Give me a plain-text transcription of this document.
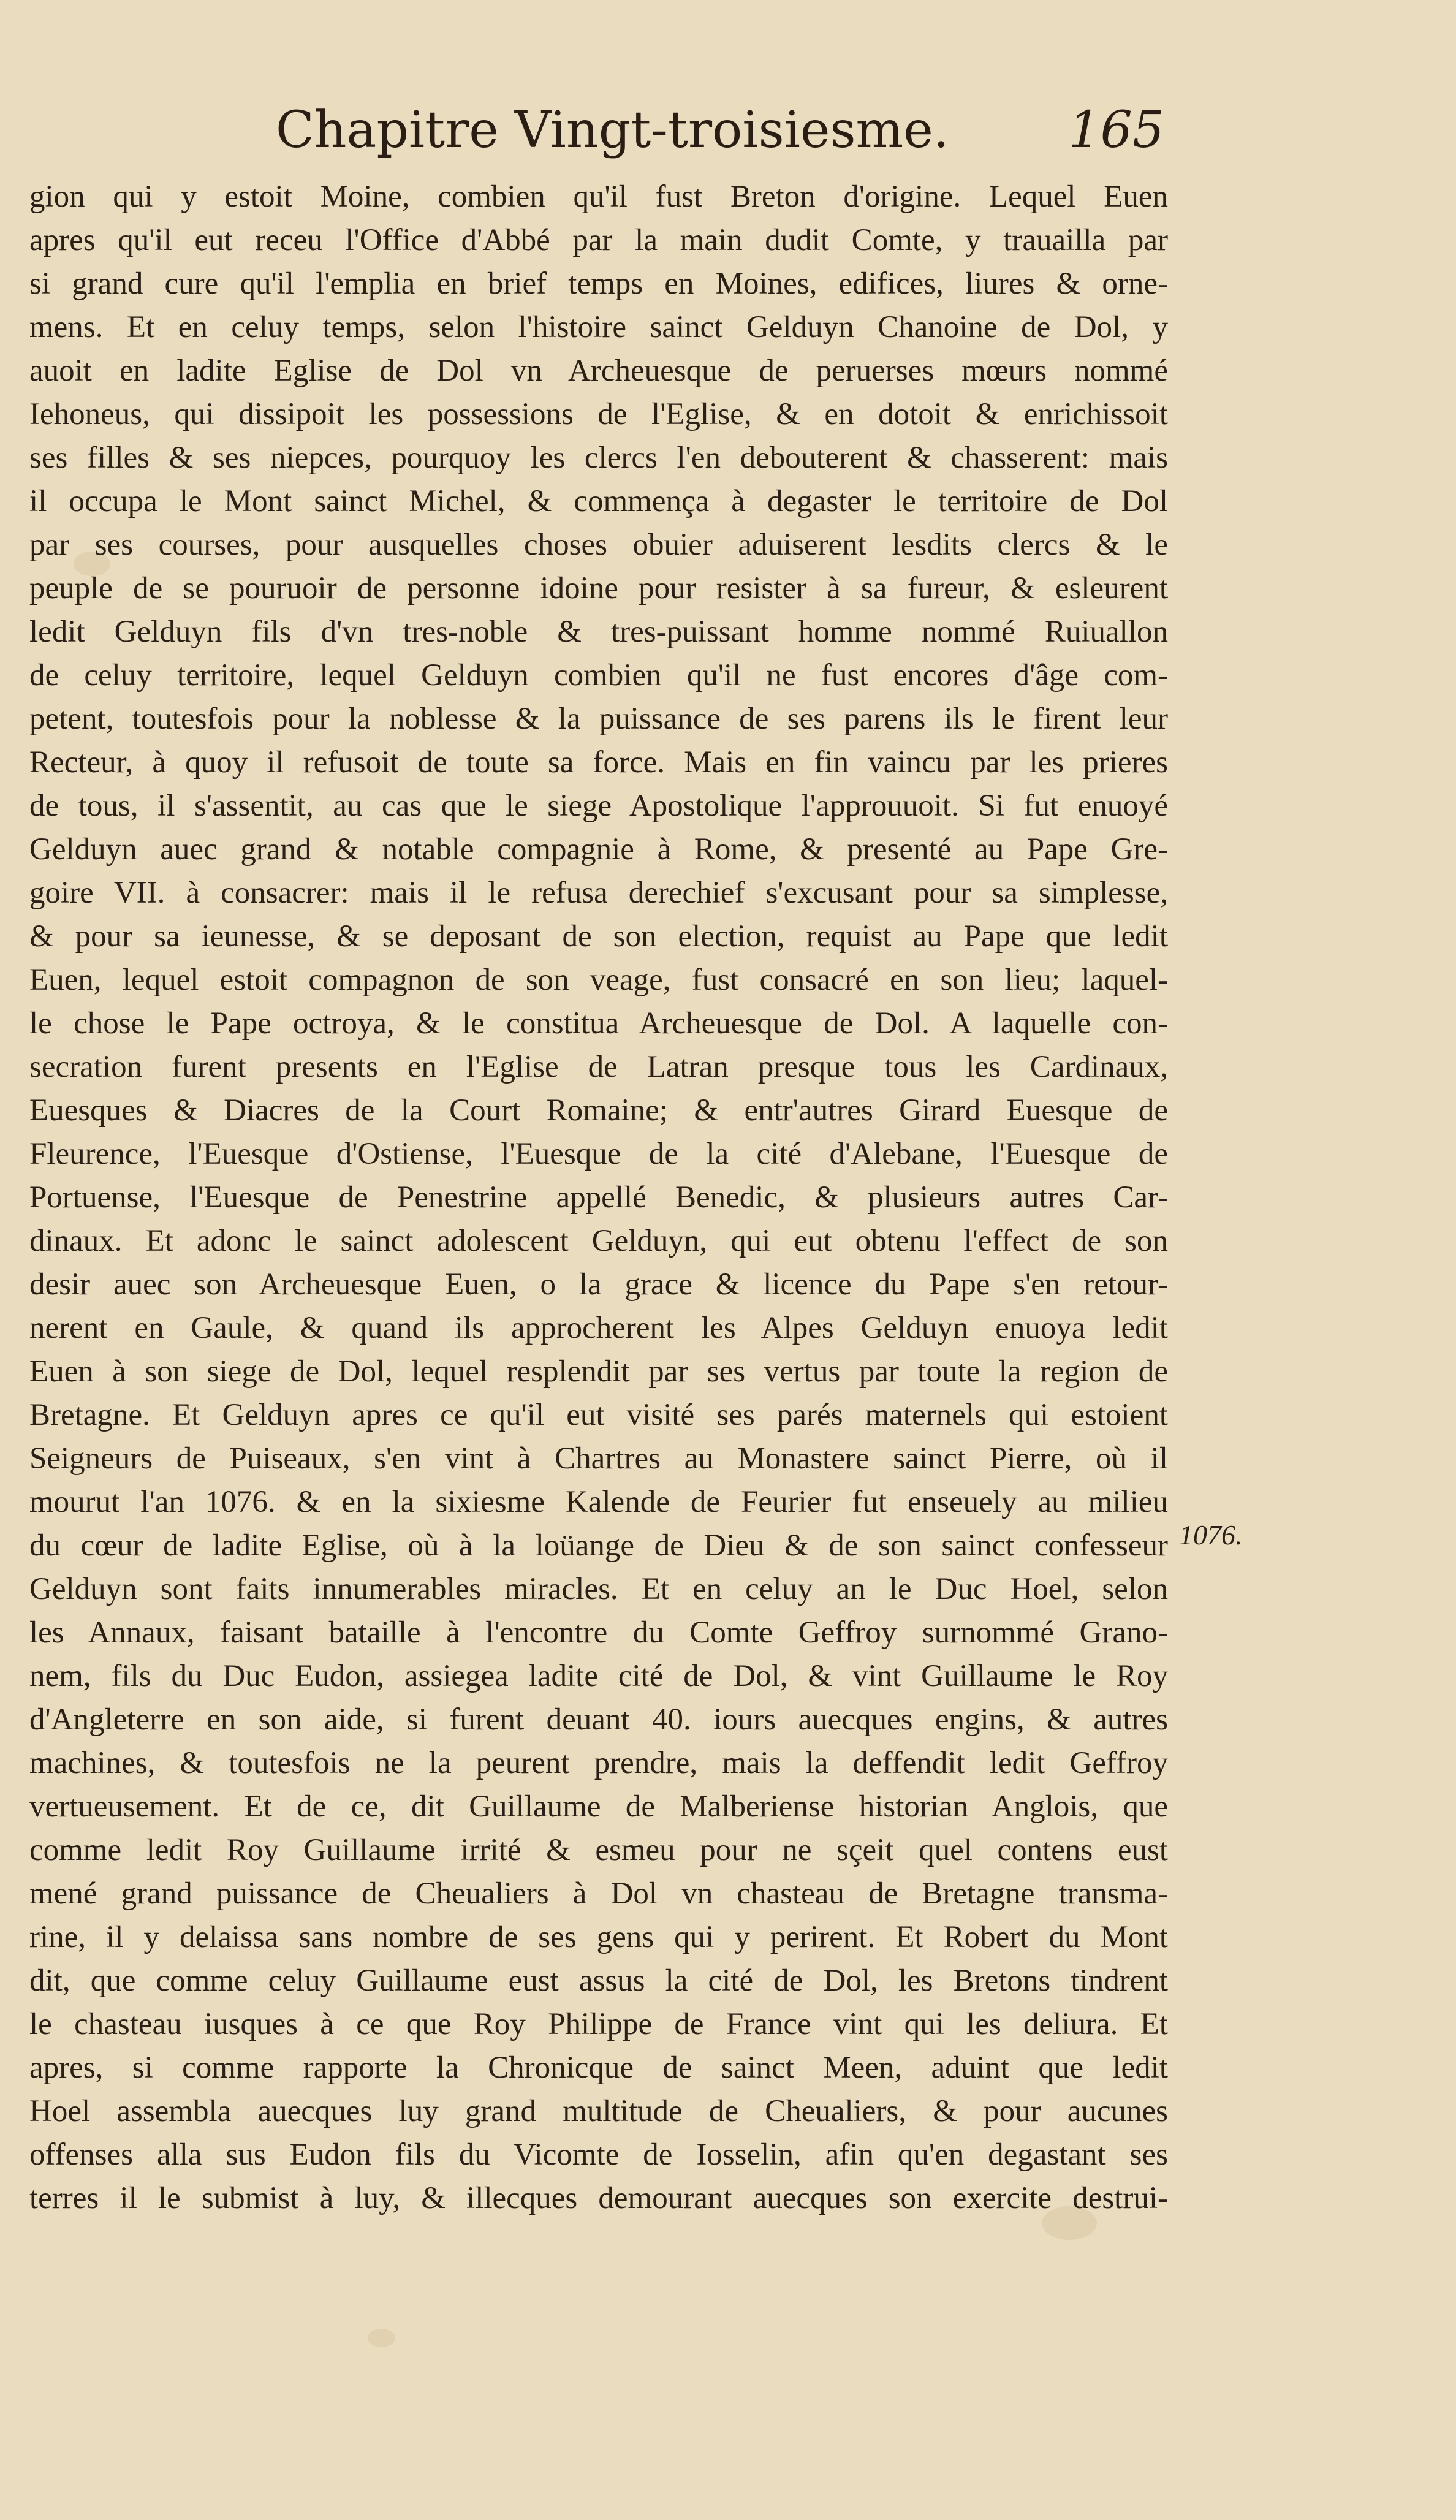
Chapitre Vingt-troisiesme. 165
gion qui y estoit Moine, combien qu'il fust Breton d'origine. Lequel Euen
apres qu'il eut receu l'Office d'Abbé par la main dudit Comte, y trauailla par
si grand cure qu'il l'emplia en brief temps en Moines, edifices, liures & orne-
mens. Et en celuy temps, selon l'histoire sainct Gelduyn Chanoine de Dol, y
auoit en ladite Eglise de Dol vn Archeuesque de peruerses mœurs nommé
Iehoneus, qui dissipoit les possessions de l'Eglise, & en dotoit & enrichissoit
ses filles & ses niepces, pourquoy les clercs l'en debouterent & chasserent: mais
il occupa le Mont sainct Michel, & commença à degaster le territoire de Dol
par ses courses, pour ausquelles choses obuier aduiserent lesdits clercs & le
peuple de se pouruoir de personne idoine pour resister à sa fureur, & esleurent
ledit Gelduyn fils d'vn tres-noble & tres-puissant homme nommé Ruiuallon
de celuy territoire, lequel Gelduyn combien qu'il ne fust encores d'âge com-
petent, toutesfois pour la noblesse & la puissance de ses parens ils le firent leur
Recteur, à quoy il refusoit de toute sa force. Mais en fin vaincu par les prieres
de tous, il s'assentit, au cas que le siege Apostolique l'approuuoit. Si fut enuoyé
Gelduyn auec grand & notable compagnie à Rome, & presenté au Pape Gre-
goire VII. à consacrer: mais il le refusa derechief s'excusant pour sa simplesse,
& pour sa ieunesse, & se deposant de son election, requist au Pape que ledit
Euen, lequel estoit compagnon de son veage, fust consacré en son lieu; laquel-
le chose le Pape octroya, & le constitua Archeuesque de Dol. A laquelle con-
secration furent presents en l'Eglise de Latran presque tous les Cardinaux,
Euesques & Diacres de la Court Romaine; & entr'autres Girard Euesque de
Fleurence, l'Euesque d'Ostiense, l'Euesque de la cité d'Alebane, l'Euesque de
Portuense, l'Euesque de Penestrine appellé Benedic, & plusieurs autres Car-
dinaux. Et adonc le sainct adolescent Gelduyn, qui eut obtenu l'effect de son
desir auec son Archeuesque Euen, o la grace & licence du Pape s'en retour-
nerent en Gaule, & quand ils approcherent les Alpes Gelduyn enuoya ledit
Euen à son siege de Dol, lequel resplendit par ses vertus par toute la region de
Bretagne. Et Gelduyn apres ce qu'il eut visité ses parés maternels qui estoient
Seigneurs de Puiseaux, s'en vint à Chartres au Monastere sainct Pierre, où il
mourut l'an 1076. & en la sixiesme Kalende de Feurier fut enseuely au milieu
du cœur de ladite Eglise, où à la loüange de Dieu & de son sainct confesseur
Gelduyn sont faits innumerables miracles. Et en celuy an le Duc Hoel, selon
les Annaux, faisant bataille à l'encontre du Comte Geffroy surnommé Grano-
nem, fils du Duc Eudon, assiegea ladite cité de Dol, & vint Guillaume le Roy
d'Angleterre en son aide, si furent deuant 40. iours auecques engins, & autres
machines, & toutesfois ne la peurent prendre, mais la deffendit ledit Geffroy
vertueusement. Et de ce, dit Guillaume de Malberiense historian Anglois, que
comme ledit Roy Guillaume irrité & esmeu pour ne sçeit quel contens eust
mené grand puissance de Cheualiers à Dol vn chasteau de Bretagne transma-
rine, il y delaissa sans nombre de ses gens qui y perirent. Et Robert du Mont
dit, que comme celuy Guillaume eust assus la cité de Dol, les Bretons tindrent
le chasteau iusques à ce que Roy Philippe de France vint qui les deliura. Et
apres, si comme rapporte la Chronicque de sainct Meen, aduint que ledit
Hoel assembla auecques luy grand multitude de Cheualiers, & pour aucunes
offenses alla sus Eudon fils du Vicomte de Iosselin, afin qu'en degastant ses
terres il le submist à luy, & illecques demourant auecques son exercite destrui-
1076.
